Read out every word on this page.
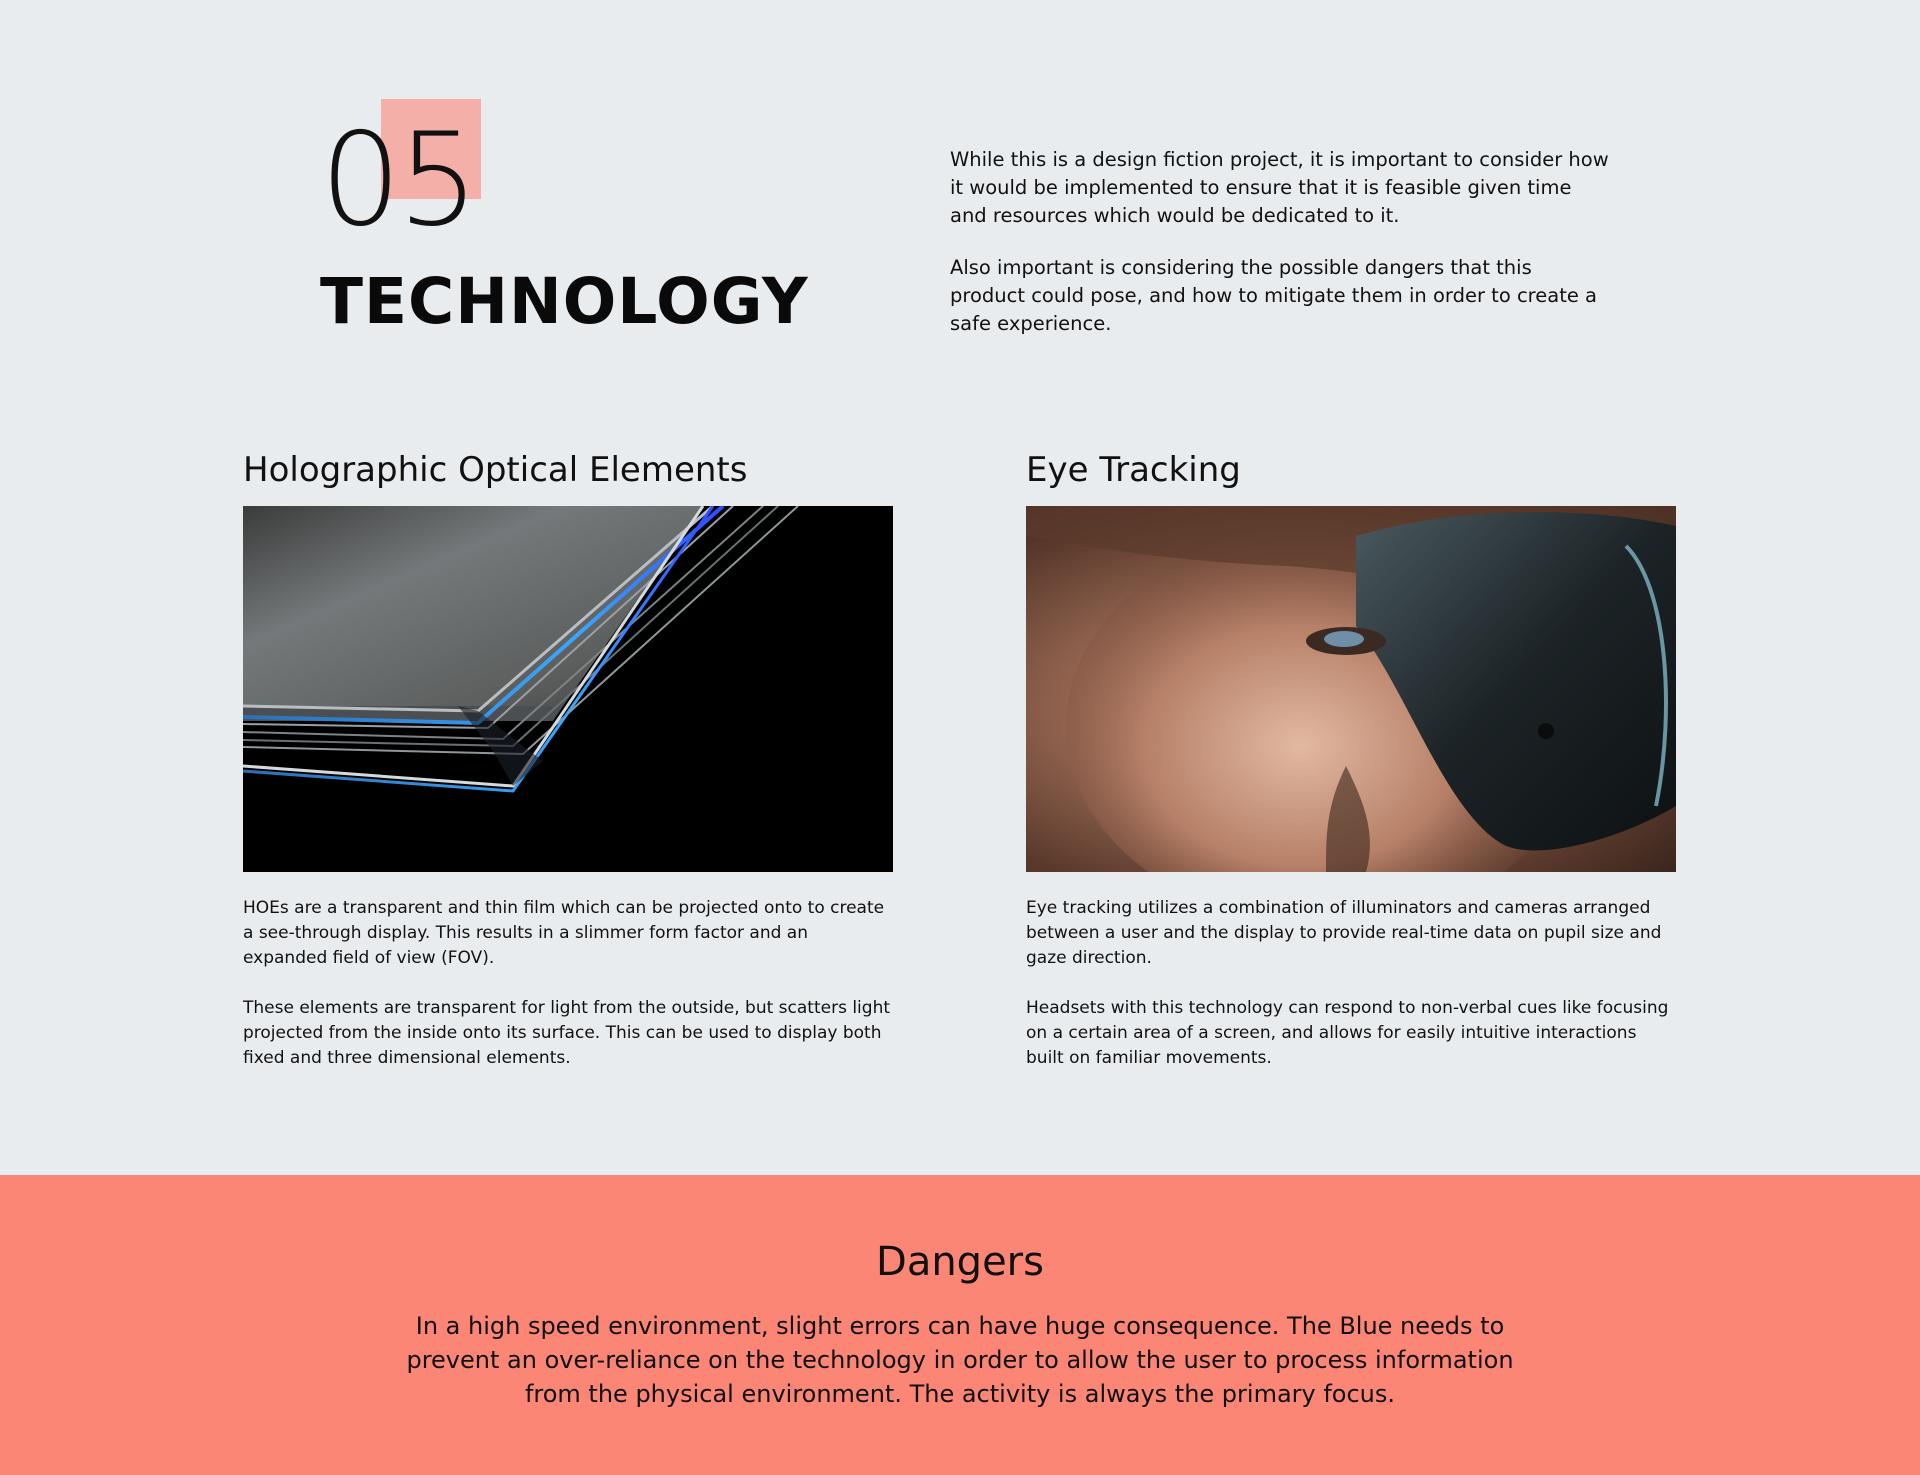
05
TECHNOLOGY

While this is a design fiction project, it is important to consider how it would be implemented to ensure that it is feasible given time and resources which would be dedicated to it.

Also important is considering the possible dangers that this product could pose, and how to mitigate them in order to create a safe experience.

Holographic Optical Elements

HOEs are a transparent and thin film which can be projected onto to create a see-through display. This results in a slimmer form factor and an expanded field of view (FOV).

These elements are transparent for light from the outside, but scatters light projected from the inside onto its surface. This can be used to display both fixed and three dimensional elements.

Eye Tracking

Eye tracking utilizes a combination of illuminators and cameras arranged between a user and the display to provide real-time data on pupil size and gaze direction.

Headsets with this technology can respond to non-verbal cues like focusing on a certain area of a screen, and allows for easily intuitive interactions built on familiar movements.

Dangers

In a high speed environment, slight errors can have huge consequence. The Blue needs to prevent an over-reliance on the technology in order to allow the user to process information from the physical environment. The activity is always the primary focus.
